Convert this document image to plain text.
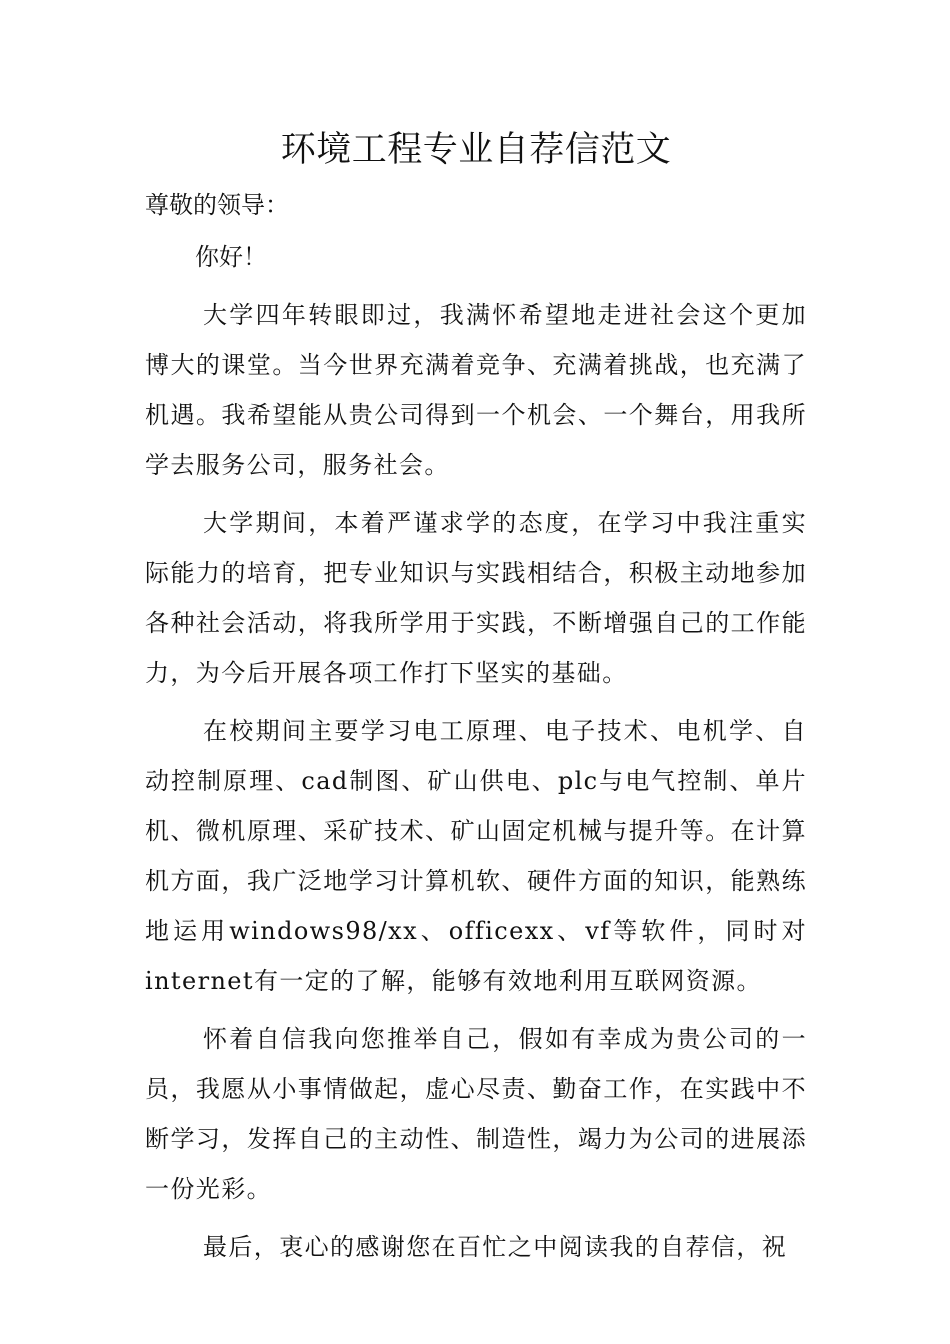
环境工程专业自荐信范文

尊敬的领导：

你好！

大学四年转眼即过，我满怀希望地走进社会这个更加博大的课堂。当今世界充满着竞争、充满着挑战，也充满了机遇。我希望能从贵公司得到一个机会、一个舞台，用我所学去服务公司，服务社会。

大学期间，本着严谨求学的态度，在学习中我注重实际能力的培育，把专业知识与实践相结合，积极主动地参加各种社会活动，将我所学用于实践，不断增强自己的工作能力，为今后开展各项工作打下坚实的基础。

在校期间主要学习电工原理、电子技术、电机学、自动控制原理、cad制图、矿山供电、plc与电气控制、单片机、微机原理、采矿技术、矿山固定机械与提升等。在计算机方面，我广泛地学习计算机软、硬件方面的知识，能熟练地运用windows98/xx、officexx、vf等软件，同时对internet有一定的了解，能够有效地利用互联网资源。

怀着自信我向您推举自己，假如有幸成为贵公司的一员，我愿从小事情做起，虚心尽责、勤奋工作，在实践中不断学习，发挥自己的主动性、制造性，竭力为公司的进展添一份光彩。

最后，衷心的感谢您在百忙之中阅读我的自荐信，祝
